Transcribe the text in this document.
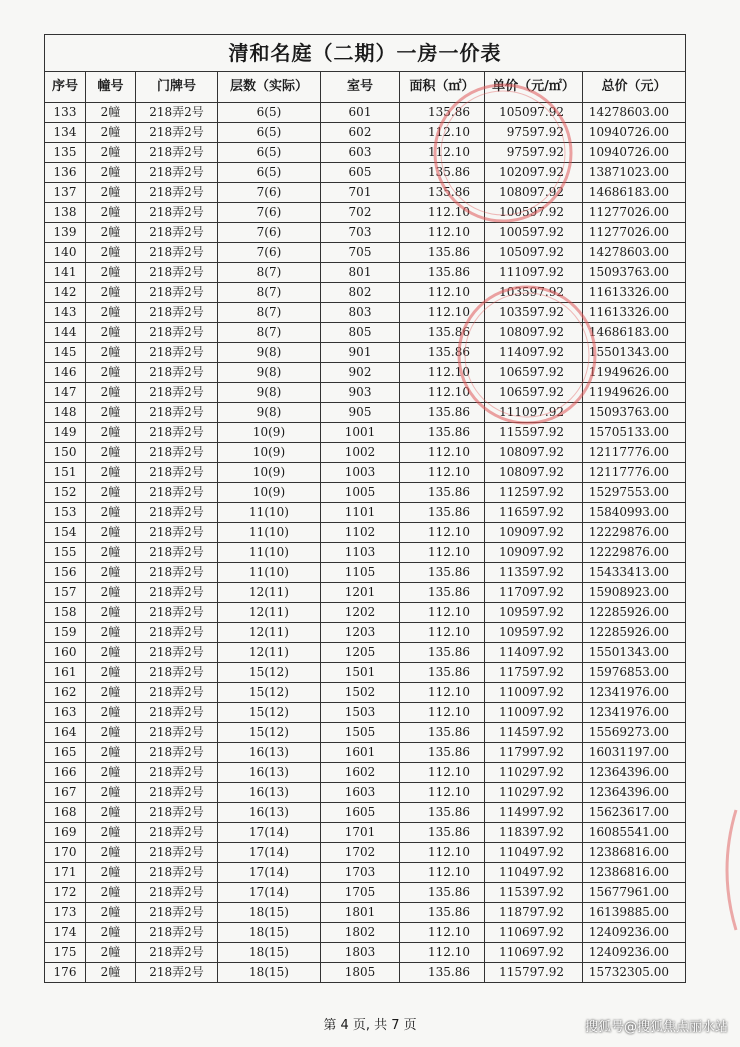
清和名庭（二期）一房一价表							
序号	幢号	门牌号	层数（实际）	室号	面积（㎡）	单价（元/㎡）	总价（元）
133	2幢	218弄2号	6(5)	601	135.86	105097.92	14278603.00
134	2幢	218弄2号	6(5)	602	112.10	97597.92	10940726.00
135	2幢	218弄2号	6(5)	603	112.10	97597.92	10940726.00
136	2幢	218弄2号	6(5)	605	135.86	102097.92	13871023.00
137	2幢	218弄2号	7(6)	701	135.86	108097.92	14686183.00
138	2幢	218弄2号	7(6)	702	112.10	100597.92	11277026.00
139	2幢	218弄2号	7(6)	703	112.10	100597.92	11277026.00
140	2幢	218弄2号	7(6)	705	135.86	105097.92	14278603.00
141	2幢	218弄2号	8(7)	801	135.86	111097.92	15093763.00
142	2幢	218弄2号	8(7)	802	112.10	103597.92	11613326.00
143	2幢	218弄2号	8(7)	803	112.10	103597.92	11613326.00
144	2幢	218弄2号	8(7)	805	135.86	108097.92	14686183.00
145	2幢	218弄2号	9(8)	901	135.86	114097.92	15501343.00
146	2幢	218弄2号	9(8)	902	112.10	106597.92	11949626.00
147	2幢	218弄2号	9(8)	903	112.10	106597.92	11949626.00
148	2幢	218弄2号	9(8)	905	135.86	111097.92	15093763.00
149	2幢	218弄2号	10(9)	1001	135.86	115597.92	15705133.00
150	2幢	218弄2号	10(9)	1002	112.10	108097.92	12117776.00
151	2幢	218弄2号	10(9)	1003	112.10	108097.92	12117776.00
152	2幢	218弄2号	10(9)	1005	135.86	112597.92	15297553.00
153	2幢	218弄2号	11(10)	1101	135.86	116597.92	15840993.00
154	2幢	218弄2号	11(10)	1102	112.10	109097.92	12229876.00
155	2幢	218弄2号	11(10)	1103	112.10	109097.92	12229876.00
156	2幢	218弄2号	11(10)	1105	135.86	113597.92	15433413.00
157	2幢	218弄2号	12(11)	1201	135.86	117097.92	15908923.00
158	2幢	218弄2号	12(11)	1202	112.10	109597.92	12285926.00
159	2幢	218弄2号	12(11)	1203	112.10	109597.92	12285926.00
160	2幢	218弄2号	12(11)	1205	135.86	114097.92	15501343.00
161	2幢	218弄2号	15(12)	1501	135.86	117597.92	15976853.00
162	2幢	218弄2号	15(12)	1502	112.10	110097.92	12341976.00
163	2幢	218弄2号	15(12)	1503	112.10	110097.92	12341976.00
164	2幢	218弄2号	15(12)	1505	135.86	114597.92	15569273.00
165	2幢	218弄2号	16(13)	1601	135.86	117997.92	16031197.00
166	2幢	218弄2号	16(13)	1602	112.10	110297.92	12364396.00
167	2幢	218弄2号	16(13)	1603	112.10	110297.92	12364396.00
168	2幢	218弄2号	16(13)	1605	135.86	114997.92	15623617.00
169	2幢	218弄2号	17(14)	1701	135.86	118397.92	16085541.00
170	2幢	218弄2号	17(14)	1702	112.10	110497.92	12386816.00
171	2幢	218弄2号	17(14)	1703	112.10	110497.92	12386816.00
172	2幢	218弄2号	17(14)	1705	135.86	115397.92	15677961.00
173	2幢	218弄2号	18(15)	1801	135.86	118797.92	16139885.00
174	2幢	218弄2号	18(15)	1802	112.10	110697.92	12409236.00
175	2幢	218弄2号	18(15)	1803	112.10	110697.92	12409236.00
176	2幢	218弄2号	18(15)	1805	135.86	115797.92	15732305.00
第 4 页, 共 7 页	搜狐号@搜狐焦点丽水站
